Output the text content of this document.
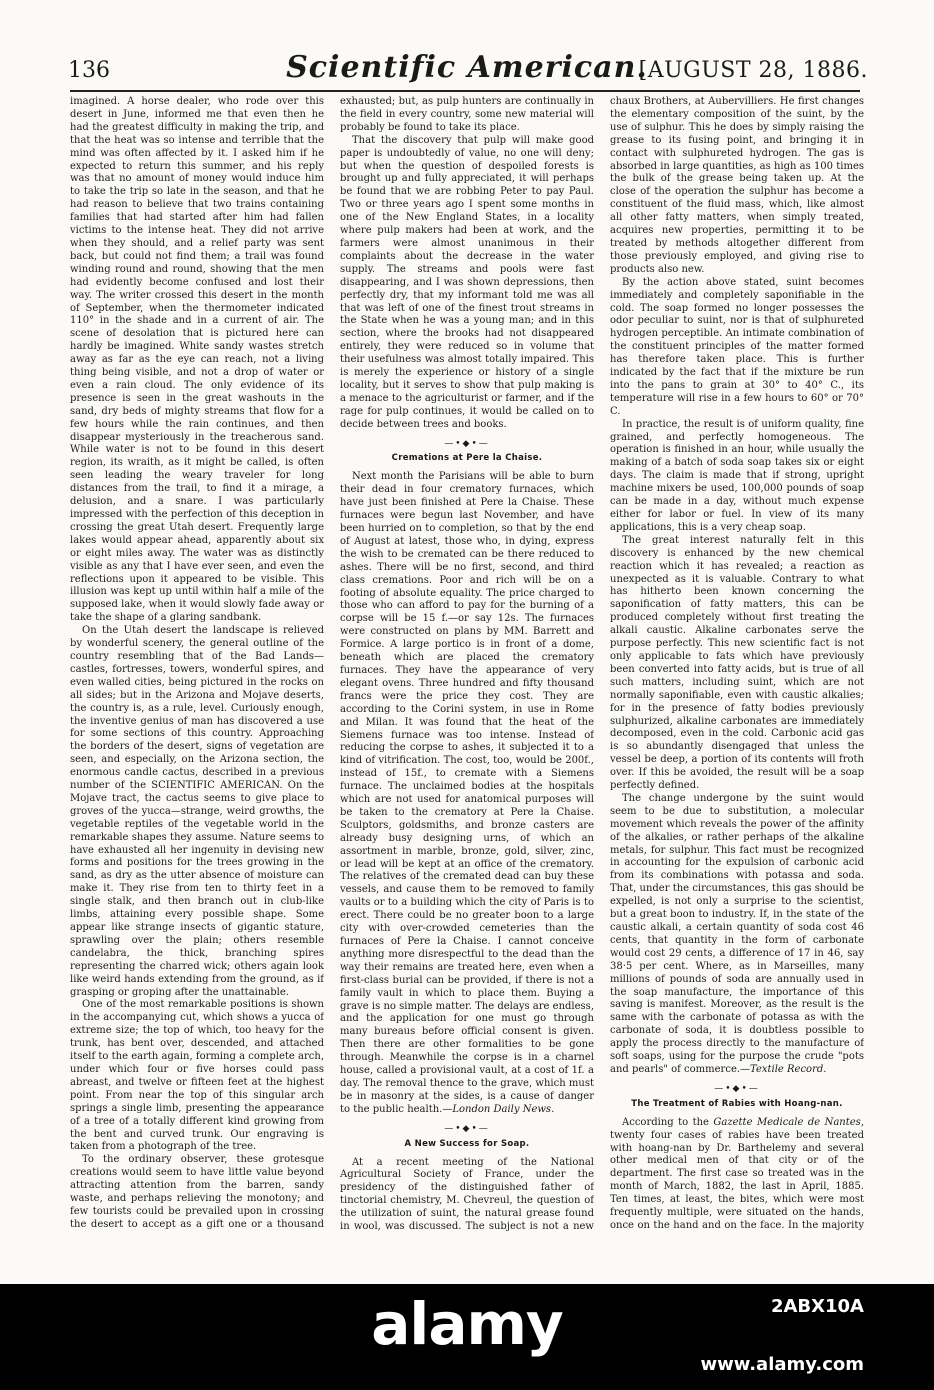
136	Scientific American.
[AUGUST 28, 1886.

imagined. A horse dealer, who rode over this desert in June, informed me that even then he had the greatest difficulty in making the trip, and that the heat was so intense and terrible that the mind was often affected by it. I asked him if he expected to return this summer, and his reply was that no amount of money would induce him to take the trip so late in the season, and that he had reason to believe that two trains containing families that had started after him had fallen victims to the intense heat. They did not arrive when they should, and a relief party was sent back, but could not find them; a trail was found winding round and round, showing that the men had evidently become confused and lost their way. The writer crossed this desert in the month of September, when the thermometer indicated 110° in the shade and in a current of air. The scene of desolation that is pictured here can hardly be imagined. White sandy wastes stretch away as far as the eye can reach, not a living thing being visible, and not a drop of water or even a rain cloud. The only evidence of its presence is seen in the great washouts in the sand, dry beds of mighty streams that flow for a few hours while the rain continues, and then disappear mysteriously in the treacherous sand. While water is not to be found in this desert region, its wraith, as it might be called, is often seen leading the weary traveler for long distances from the trail, to find it a mirage, a delusion, and a snare. I was particularly impressed with the perfection of this deception in crossing the great Utah desert. Frequently large lakes would appear ahead, apparently about six or eight miles away. The water was as distinctly visible as any that I have ever seen, and even the reflections upon it appeared to be visible. This illusion was kept up until within half a mile of the supposed lake, when it would slowly fade away or take the shape of a glaring sandbank.

On the Utah desert the landscape is relieved by wonderful scenery, the general outline of the country resembling that of the Bad Lands—castles, fortresses, towers, wonderful spires, and even walled cities, being pictured in the rocks on all sides; but in the Arizona and Mojave deserts, the country is, as a rule, level. Curiously enough, the inventive genius of man has discovered a use for some sections of this country. Approaching the borders of the desert, signs of vegetation are seen, and especially, on the Arizona section, the enormous candle cactus, described in a previous number of the SCIENTIFIC AMERICAN. On the Mojave tract, the cactus seems to give place to groves of the yucca—strange, weird growths, the vegetable reptiles of the vegetable world in the remarkable shapes they assume. Nature seems to have exhausted all her ingenuity in devising new forms and positions for the trees growing in the sand, as dry as the utter absence of moisture can make it. They rise from ten to thirty feet in a single stalk, and then branch out in club-like limbs, attaining every possible shape. Some appear like strange insects of gigantic stature, sprawling over the plain; others resemble candelabra, the thick, branching spires representing the charred wick; others again look like weird hands extending from the ground, as if grasping or groping after the unattainable.

One of the most remarkable positions is shown in the accompanying cut, which shows a yucca of extreme size; the top of which, too heavy for the trunk, has bent over, descended, and attached itself to the earth again, forming a complete arch, under which four or five horses could pass abreast, and twelve or fifteen feet at the highest point. From near the top of this singular arch springs a single limb, presenting the appearance of a tree of a totally different kind growing from the bent and curved trunk. Our engraving is taken from a photograph of the tree.

To the ordinary observer, these grotesque creations would seem to have little value beyond attracting attention from the barren, sandy waste, and perhaps relieving the monotony; and few tourists could be prevailed upon in crossing the desert to accept as a gift one or a thousand

exhausted; but, as pulp hunters are continually in the field in every country, some new material will probably be found to take its place.

That the discovery that pulp will make good paper is undoubtedly of value, no one will deny; but when the question of despoiled forests is brought up and fully appreciated, it will perhaps be found that we are robbing Peter to pay Paul. Two or three years ago I spent some months in one of the New England States, in a locality where pulp makers had been at work, and the farmers were almost unanimous in their complaints about the decrease in the water supply. The streams and pools were fast disappearing, and I was shown depressions, then perfectly dry, that my informant told me was all that was left of one of the finest trout streams in the State when he was a young man; and in this section, where the brooks had not disappeared entirely, they were reduced so in volume that their usefulness was almost totally impaired. This is merely the experience or history of a single locality, but it serves to show that pulp making is a menace to the agriculturist or farmer, and if the rage for pulp continues, it would be called on to decide between trees and books.

—•◆•—
Cremations at Pere la Chaise.

Next month the Parisians will be able to burn their dead in four crematory furnaces, which have just been finished at Pere la Chaise. These furnaces were begun last November, and have been hurried on to completion, so that by the end of August at latest, those who, in dying, express the wish to be cremated can be there reduced to ashes. There will be no first, second, and third class cremations. Poor and rich will be on a footing of absolute equality. The price charged to those who can afford to pay for the burning of a corpse will be 15 f.—or say 12s. The furnaces were constructed on plans by MM. Barrett and Formice. A large portico is in front of a dome, beneath which are placed the crematory furnaces. They have the appearance of very elegant ovens. Three hundred and fifty thousand francs were the price they cost. They are according to the Corini system, in use in Rome and Milan. It was found that the heat of the Siemens furnace was too intense. Instead of reducing the corpse to ashes, it subjected it to a kind of vitrification. The cost, too, would be 200f., instead of 15f., to cremate with a Siemens furnace. The unclaimed bodies at the hospitals which are not used for anatomical purposes will be taken to the crematory at Pere la Chaise. Sculptors, goldsmiths, and bronze casters are already busy designing urns, of which an assortment in marble, bronze, gold, silver, zinc, or lead will be kept at an office of the crematory. The relatives of the cremated dead can buy these vessels, and cause them to be removed to family vaults or to a building which the city of Paris is to erect. There could be no greater boon to a large city with over-crowded cemeteries than the furnaces of Pere la Chaise. I cannot conceive anything more disrespectful to the dead than the way their remains are treated here, even when a first-class burial can be provided, if there is not a family vault in which to place them. Buying a grave is no simple matter. The delays are endless, and the application for one must go through many bureaus before official consent is given. Then there are other formalities to be gone through. Meanwhile the corpse is in a charnel house, called a provisional vault, at a cost of 1f. a day. The removal thence to the grave, which must be in masonry at the sides, is a cause of danger to the public health.—London Daily News.

—•◆•—
A New Success for Soap.

At a recent meeting of the National Agricultural Society of France, under the presidency of the distinguished father of tinctorial chemistry, M. Chevreul, the question of the utilization of suint, the natural grease found in wool, was discussed. The subject is not a new

chaux Brothers, at Aubervilliers. He first changes the elementary composition of the suint, by the use of sulphur. This he does by simply raising the grease to its fusing point, and bringing it in contact with sulphureted hydrogen. The gas is absorbed in large quantities, as high as 100 times the bulk of the grease being taken up. At the close of the operation the sulphur has become a constituent of the fluid mass, which, like almost all other fatty matters, when simply treated, acquires new properties, permitting it to be treated by methods altogether different from those previously employed, and giving rise to products also new.

By the action above stated, suint becomes immediately and completely saponifiable in the cold. The soap formed no longer possesses the odor peculiar to suint, nor is that of sulphureted hydrogen perceptible. An intimate combination of the constituent principles of the matter formed has therefore taken place. This is further indicated by the fact that if the mixture be run into the pans to grain at 30° to 40° C., its temperature will rise in a few hours to 60° or 70° C.

In practice, the result is of uniform quality, fine grained, and perfectly homogeneous. The operation is finished in an hour, while usually the making of a batch of soda soap takes six or eight days. The claim is made that if strong, upright machine mixers be used, 100,000 pounds of soap can be made in a day, without much expense either for labor or fuel. In view of its many applications, this is a very cheap soap.

The great interest naturally felt in this discovery is enhanced by the new chemical reaction which it has revealed; a reaction as unexpected as it is valuable. Contrary to what has hitherto been known concerning the saponification of fatty matters, this can be produced completely without first treating the alkali caustic. Alkaline carbonates serve the purpose perfectly. This new scientific fact is not only applicable to fats which have previously been converted into fatty acids, but is true of all such matters, including suint, which are not normally saponifiable, even with caustic alkalies; for in the presence of fatty bodies previously sulphurized, alkaline carbonates are immediately decomposed, even in the cold. Carbonic acid gas is so abundantly disengaged that unless the vessel be deep, a portion of its contents will froth over. If this be avoided, the result will be a soap perfectly defined.

The change undergone by the suint would seem to be due to substitution, a molecular movement which reveals the power of the affinity of the alkalies, or rather perhaps of the alkaline metals, for sulphur. This fact must be recognized in accounting for the expulsion of carbonic acid from its combinations with potassa and soda. That, under the circumstances, this gas should be expelled, is not only a surprise to the scientist, but a great boon to industry. If, in the state of the caustic alkali, a certain quantity of soda cost 46 cents, that quantity in the form of carbonate would cost 29 cents, a difference of 17 in 46, say 38·5 per cent. Where, as in Marseilles, many millions of pounds of soda are annually used in the soap manufacture, the importance of this saving is manifest. Moreover, as the result is the same with the carbonate of potassa as with the carbonate of soda, it is doubtless possible to apply the process directly to the manufacture of soft soaps, using for the purpose the crude "pots and pearls" of commerce.—Textile Record.

—•◆•—
The Treatment of Rabies with Hoang-nan.

According to the Gazette Medicale de Nantes, twenty four cases of rabies have been treated with hoang-nan by Dr. Barthelemy and several other medical men of that city or of the department. The first case so treated was in the month of March, 1882, the last in April, 1885. Ten times, at least, the bites, which were most frequently multiple, were situated on the hands, once on the hand and on the face. In the majority

alamy	2ABX10A
www.alamy.com
